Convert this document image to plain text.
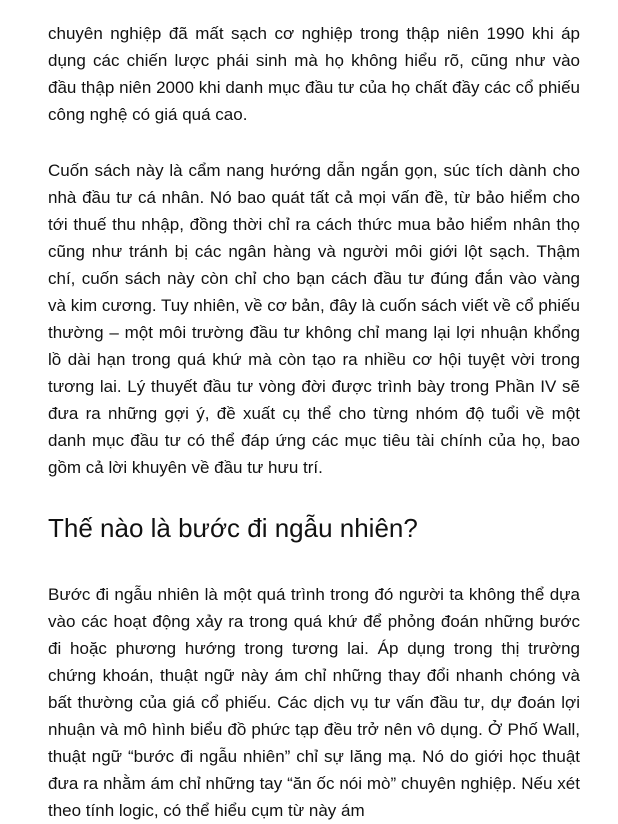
chuyên nghiệp đã mất sạch cơ nghiệp trong thập niên 1990 khi áp dụng các chiến lược phái sinh mà họ không hiểu rõ, cũng như vào đầu thập niên 2000 khi danh mục đầu tư của họ chất đầy các cổ phiếu công nghệ có giá quá cao.

Cuốn sách này là cẩm nang hướng dẫn ngắn gọn, súc tích dành cho nhà đầu tư cá nhân. Nó bao quát tất cả mọi vấn đề, từ bảo hiểm cho tới thuế thu nhập, đồng thời chỉ ra cách thức mua bảo hiểm nhân thọ cũng như tránh bị các ngân hàng và người môi giới lột sạch. Thậm chí, cuốn sách này còn chỉ cho bạn cách đầu tư đúng đắn vào vàng và kim cương. Tuy nhiên, về cơ bản, đây là cuốn sách viết về cổ phiếu thường – một môi trường đầu tư không chỉ mang lại lợi nhuận khổng lồ dài hạn trong quá khứ mà còn tạo ra nhiều cơ hội tuyệt vời trong tương lai. Lý thuyết đầu tư vòng đời được trình bày trong Phần IV sẽ đưa ra những gợi ý, đề xuất cụ thể cho từng nhóm độ tuổi về một danh mục đầu tư có thể đáp ứng các mục tiêu tài chính của họ, bao gồm cả lời khuyên về đầu tư hưu trí.

Thế nào là bước đi ngẫu nhiên?

Bước đi ngẫu nhiên là một quá trình trong đó người ta không thể dựa vào các hoạt động xảy ra trong quá khứ để phỏng đoán những bước đi hoặc phương hướng trong tương lai. Áp dụng trong thị trường chứng khoán, thuật ngữ này ám chỉ những thay đổi nhanh chóng và bất thường của giá cổ phiếu. Các dịch vụ tư vấn đầu tư, dự đoán lợi nhuận và mô hình biểu đồ phức tạp đều trở nên vô dụng. Ở Phố Wall, thuật ngữ “bước đi ngẫu nhiên” chỉ sự lăng mạ. Nó do giới học thuật đưa ra nhằm ám chỉ những tay “ăn ốc nói mò” chuyên nghiệp. Nếu xét theo tính logic, có thể hiểu cụm từ này ám
